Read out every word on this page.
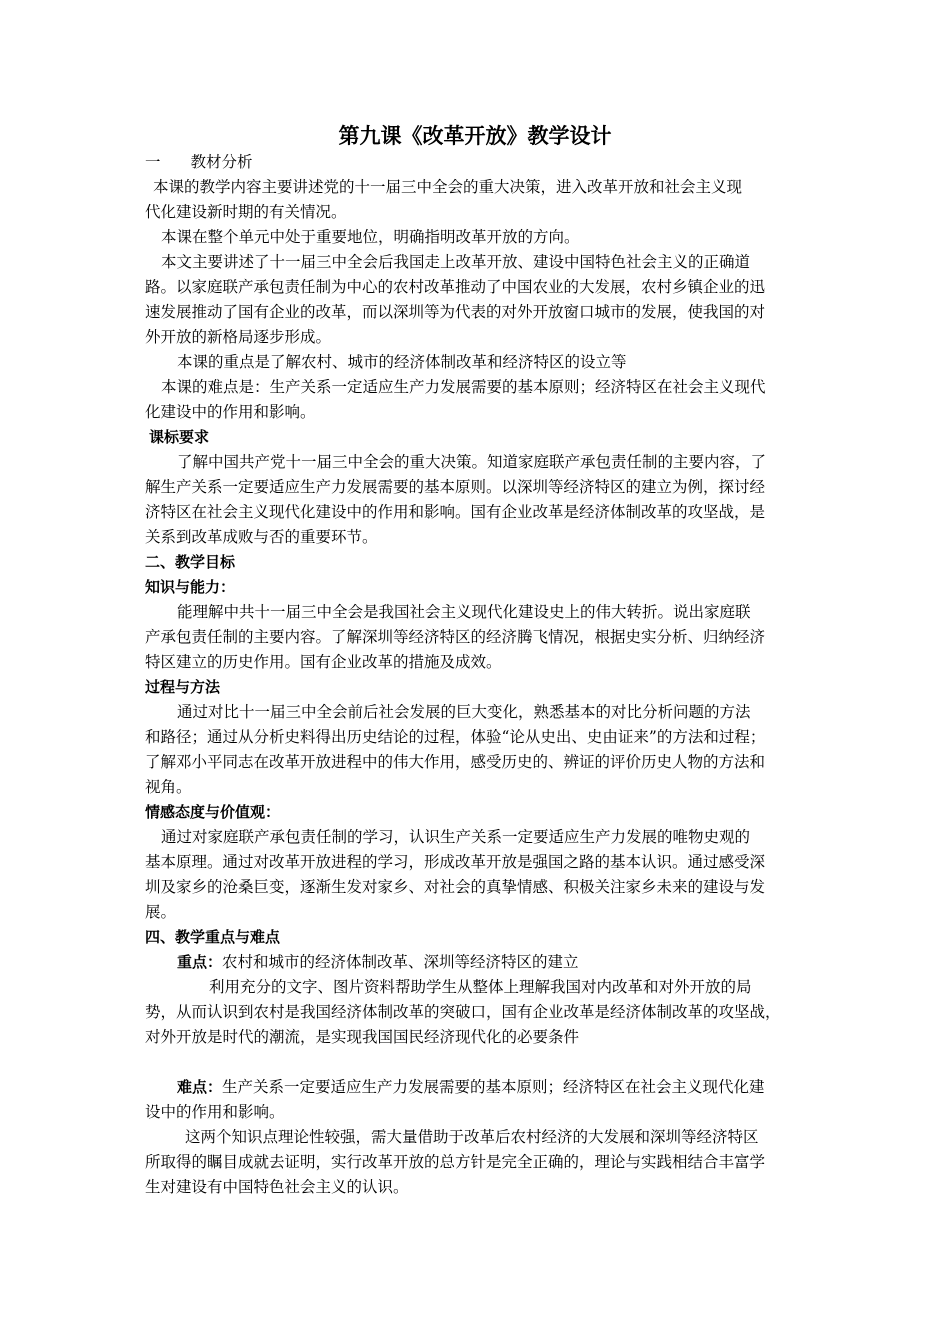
第九课《改革开放》教学设计
一 教材分析
本课的教学内容主要讲述党的十一届三中全会的重大决策，进入改革开放和社会主义现
代化建设新时期的有关情况。
本课在整个单元中处于重要地位，明确指明改革开放的方向。
本文主要讲述了十一届三中全会后我国走上改革开放、建设中国特色社会主义的正确道
路。以家庭联产承包责任制为中心的农村改革推动了中国农业的大发展，农村乡镇企业的迅
速发展推动了国有企业的改革，而以深圳等为代表的对外开放窗口城市的发展，使我国的对
外开放的新格局逐步形成。
本课的重点是了解农村、城市的经济体制改革和经济特区的设立等
本课的难点是：生产关系一定适应生产力发展需要的基本原则；经济特区在社会主义现代
化建设中的作用和影响。
课标要求
了解中国共产党十一届三中全会的重大决策。知道家庭联产承包责任制的主要内容，了
解生产关系一定要适应生产力发展需要的基本原则。以深圳等经济特区的建立为例，探讨经
济特区在社会主义现代化建设中的作用和影响。国有企业改革是经济体制改革的攻坚战，是
关系到改革成败与否的重要环节。
二、教学目标
知识与能力：
能理解中共十一届三中全会是我国社会主义现代化建设史上的伟大转折。说出家庭联
产承包责任制的主要内容。了解深圳等经济特区的经济腾飞情况，根据史实分析、归纳经济
特区建立的历史作用。国有企业改革的措施及成效。
过程与方法
通过对比十一届三中全会前后社会发展的巨大变化，熟悉基本的对比分析问题的方法
和路径；通过从分析史料得出历史结论的过程，体验“论从史出、史由证来”的方法和过程；
了解邓小平同志在改革开放进程中的伟大作用，感受历史的、辨证的评价历史人物的方法和
视角。
情感态度与价值观：
通过对家庭联产承包责任制的学习，认识生产关系一定要适应生产力发展的唯物史观的
基本原理。通过对改革开放进程的学习，形成改革开放是强国之路的基本认识。通过感受深
圳及家乡的沧桑巨变，逐渐生发对家乡、对社会的真挚情感、积极关注家乡未来的建设与发
展。
四、教学重点与难点
重点：农村和城市的经济体制改革、深圳等经济特区的建立
利用充分的文字、图片资料帮助学生从整体上理解我国对内改革和对外开放的局
势，从而认识到农村是我国经济体制改革的突破口，国有企业改革是经济体制改革的攻坚战，
对外开放是时代的潮流，是实现我国国民经济现代化的必要条件
难点：生产关系一定要适应生产力发展需要的基本原则；经济特区在社会主义现代化建
设中的作用和影响。
这两个知识点理论性较强，需大量借助于改革后农村经济的大发展和深圳等经济特区
所取得的瞩目成就去证明，实行改革开放的总方针是完全正确的，理论与实践相结合丰富学
生对建设有中国特色社会主义的认识。
